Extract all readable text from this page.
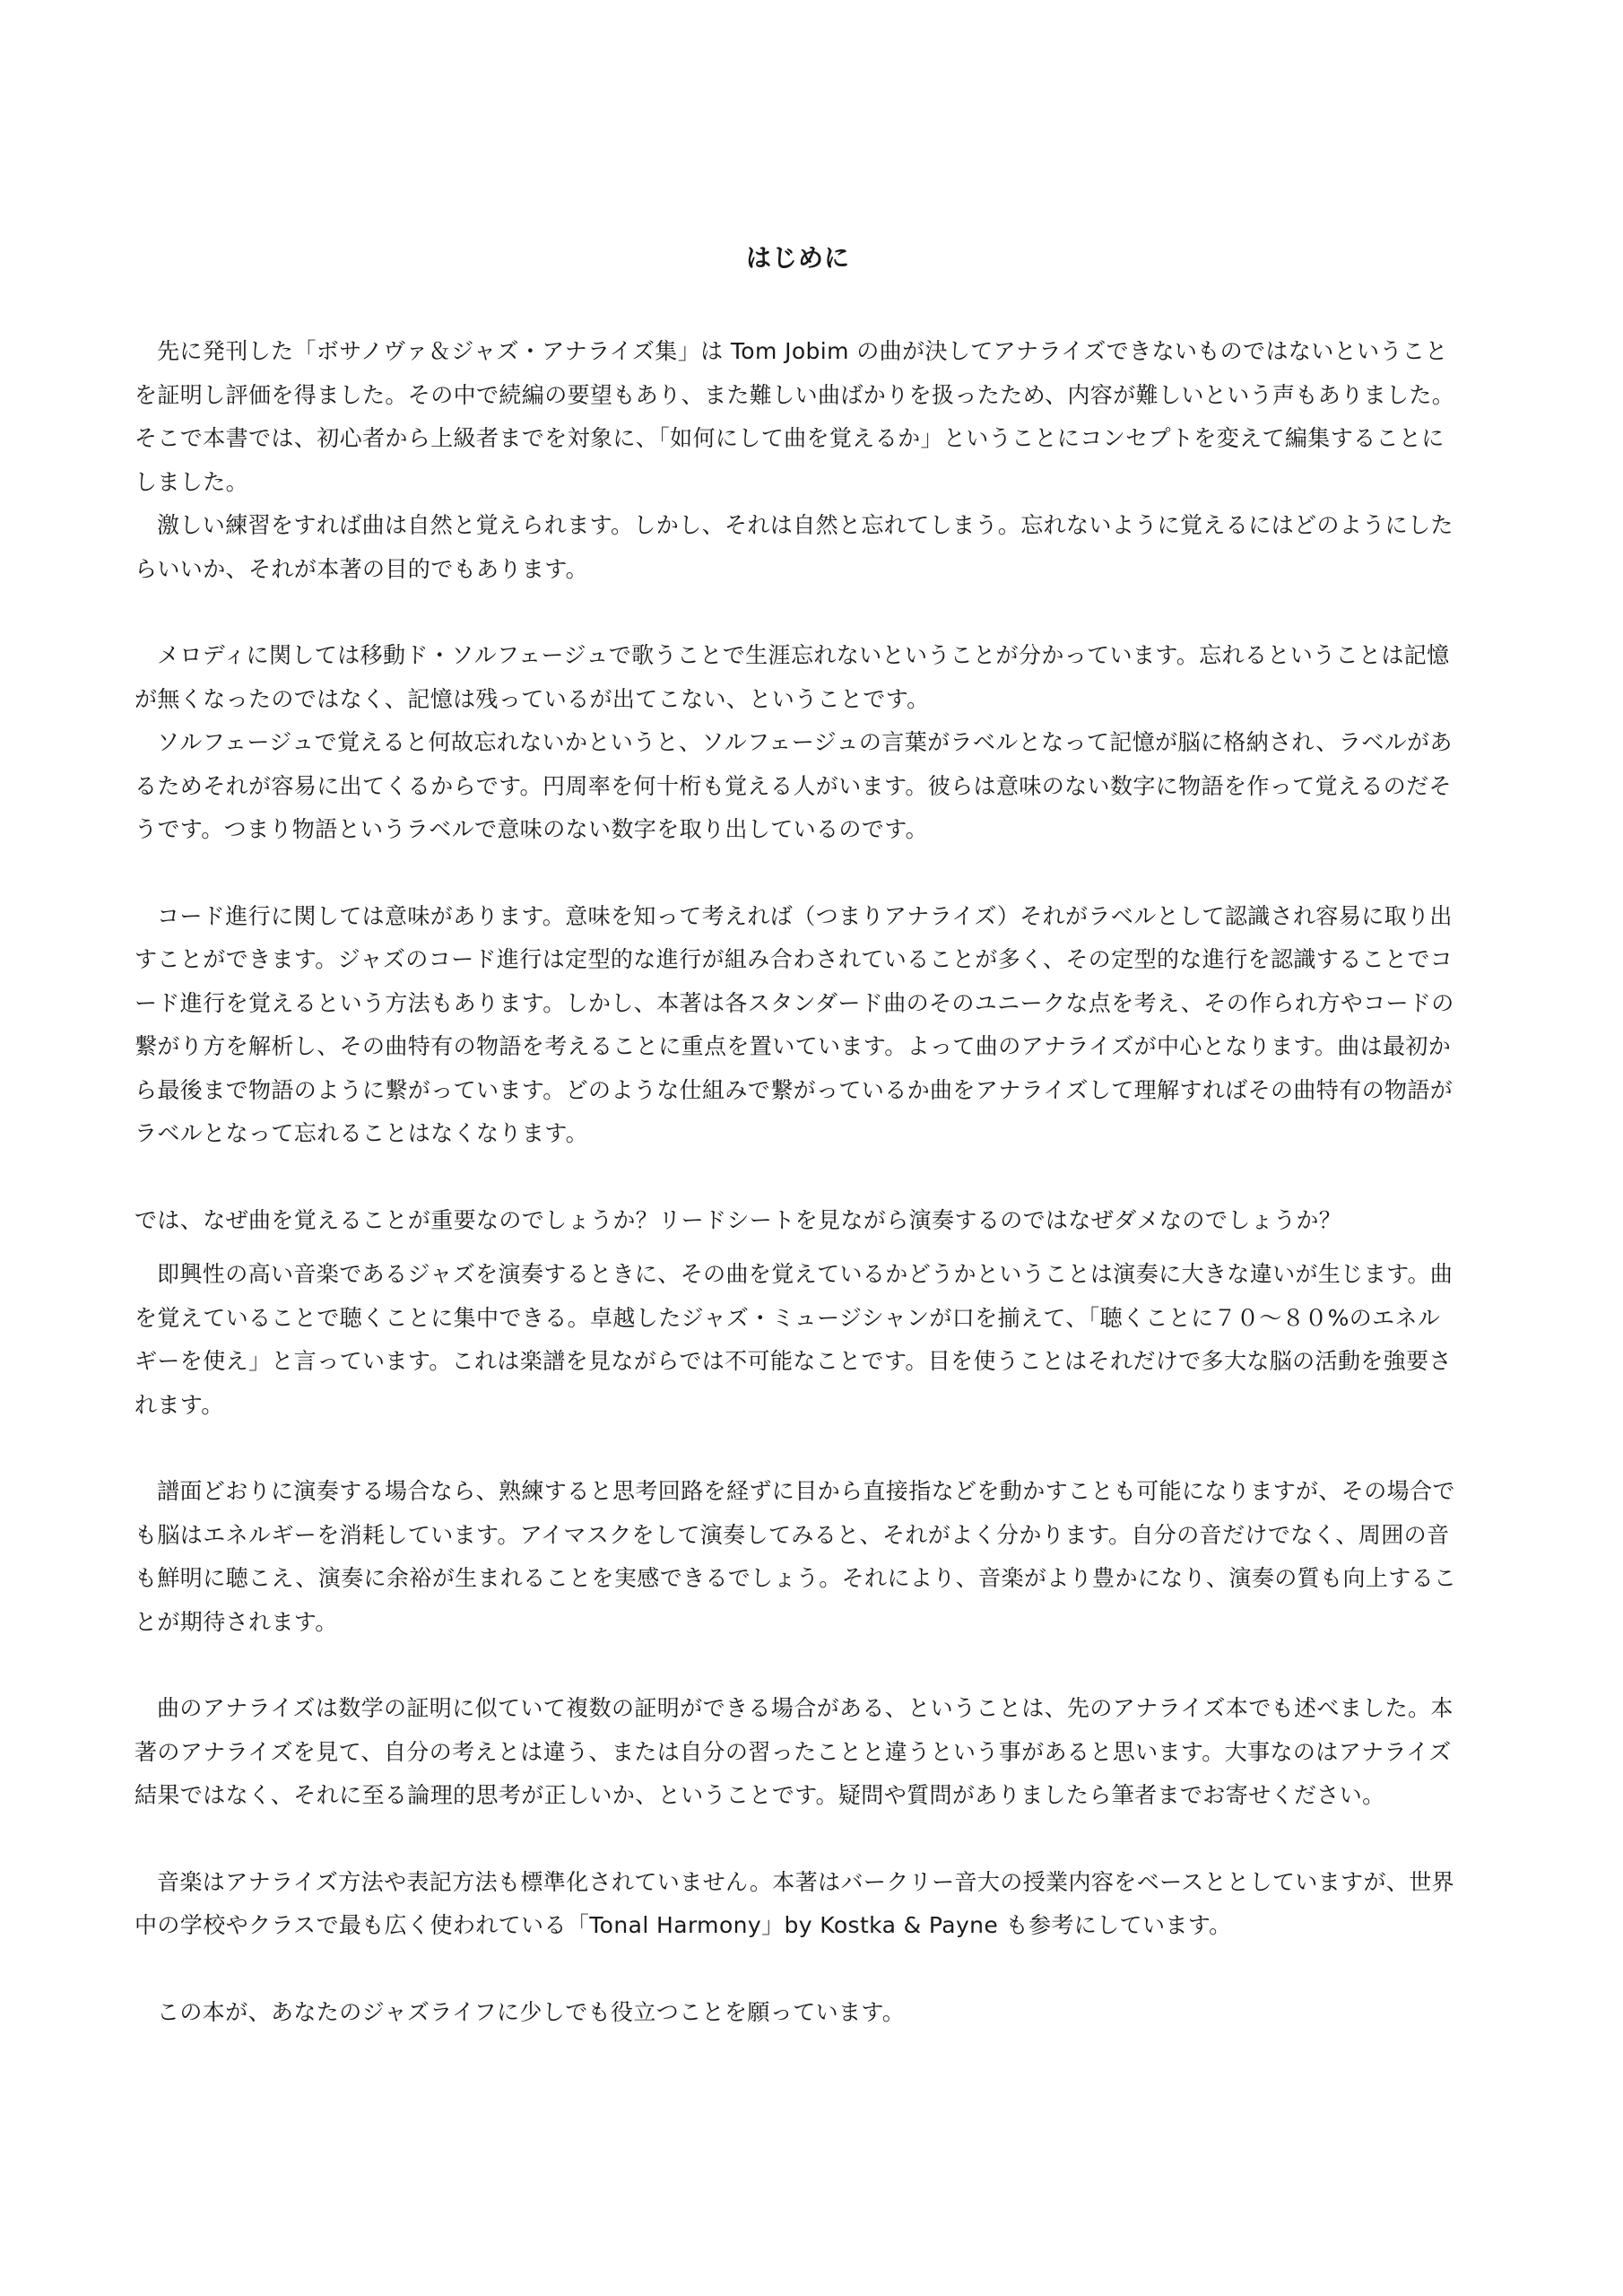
はじめに

先に発刊した「ボサノヴァ＆ジャズ・アナライズ集」は Tom Jobim の曲が決してアナライズできないものではないということを証明し評価を得ました。その中で続編の要望もあり、また難しい曲ばかりを扱ったため、内容が難しいという声もありました。そこで本書では、初心者から上級者までを対象に、「如何にして曲を覚えるか」ということにコンセプトを変えて編集することにしました。

激しい練習をすれば曲は自然と覚えられます。しかし、それは自然と忘れてしまう。忘れないように覚えるにはどのようにしたらいいか、それが本著の目的でもあります。

メロディに関しては移動ド・ソルフェージュで歌うことで生涯忘れないということが分かっています。忘れるということは記憶が無くなったのではなく、記憶は残っているが出てこない、ということです。

ソルフェージュで覚えると何故忘れないかというと、ソルフェージュの言葉がラベルとなって記憶が脳に格納され、ラベルがあるためそれが容易に出てくるからです。円周率を何十桁も覚える人がいます。彼らは意味のない数字に物語を作って覚えるのだそうです。つまり物語というラベルで意味のない数字を取り出しているのです。

コード進行に関しては意味があります。意味を知って考えれば（つまりアナライズ）それがラベルとして認識され容易に取り出すことができます。ジャズのコード進行は定型的な進行が組み合わされていることが多く、その定型的な進行を認識することでコード進行を覚えるという方法もあります。しかし、本著は各スタンダード曲のそのユニークな点を考え、その作られ方やコードの繋がり方を解析し、その曲特有の物語を考えることに重点を置いています。よって曲のアナライズが中心となります。曲は最初から最後まで物語のように繋がっています。どのような仕組みで繋がっているか曲をアナライズして理解すればその曲特有の物語がラベルとなって忘れることはなくなります。

では、なぜ曲を覚えることが重要なのでしょうか？リードシートを見ながら演奏するのではなぜダメなのでしょうか？

即興性の高い音楽であるジャズを演奏するときに、その曲を覚えているかどうかということは演奏に大きな違いが生じます。曲を覚えていることで聴くことに集中できる。卓越したジャズ・ミュージシャンが口を揃えて、「聴くことに７０～８０%のエネルギーを使え」と言っています。これは楽譜を見ながらでは不可能なことです。目を使うことはそれだけで多大な脳の活動を強要されます。

譜面どおりに演奏する場合なら、熟練すると思考回路を経ずに目から直接指などを動かすことも可能になりますが、その場合でも脳はエネルギーを消耗しています。アイマスクをして演奏してみると、それがよく分かります。自分の音だけでなく、周囲の音も鮮明に聴こえ、演奏に余裕が生まれることを実感できるでしょう。それにより、音楽がより豊かになり、演奏の質も向上することが期待されます。

曲のアナライズは数学の証明に似ていて複数の証明ができる場合がある、ということは、先のアナライズ本でも述べました。本著のアナライズを見て、自分の考えとは違う、または自分の習ったことと違うという事があると思います。大事なのはアナライズ結果ではなく、それに至る論理的思考が正しいか、ということです。疑問や質問がありましたら筆者までお寄せください。

音楽はアナライズ方法や表記方法も標準化されていません。本著はバークリー音大の授業内容をベースととしていますが、世界中の学校やクラスで最も広く使われている「Tonal Harmony」by Kostka & Payne も参考にしています。

この本が、あなたのジャズライフに少しでも役立つことを願っています。
